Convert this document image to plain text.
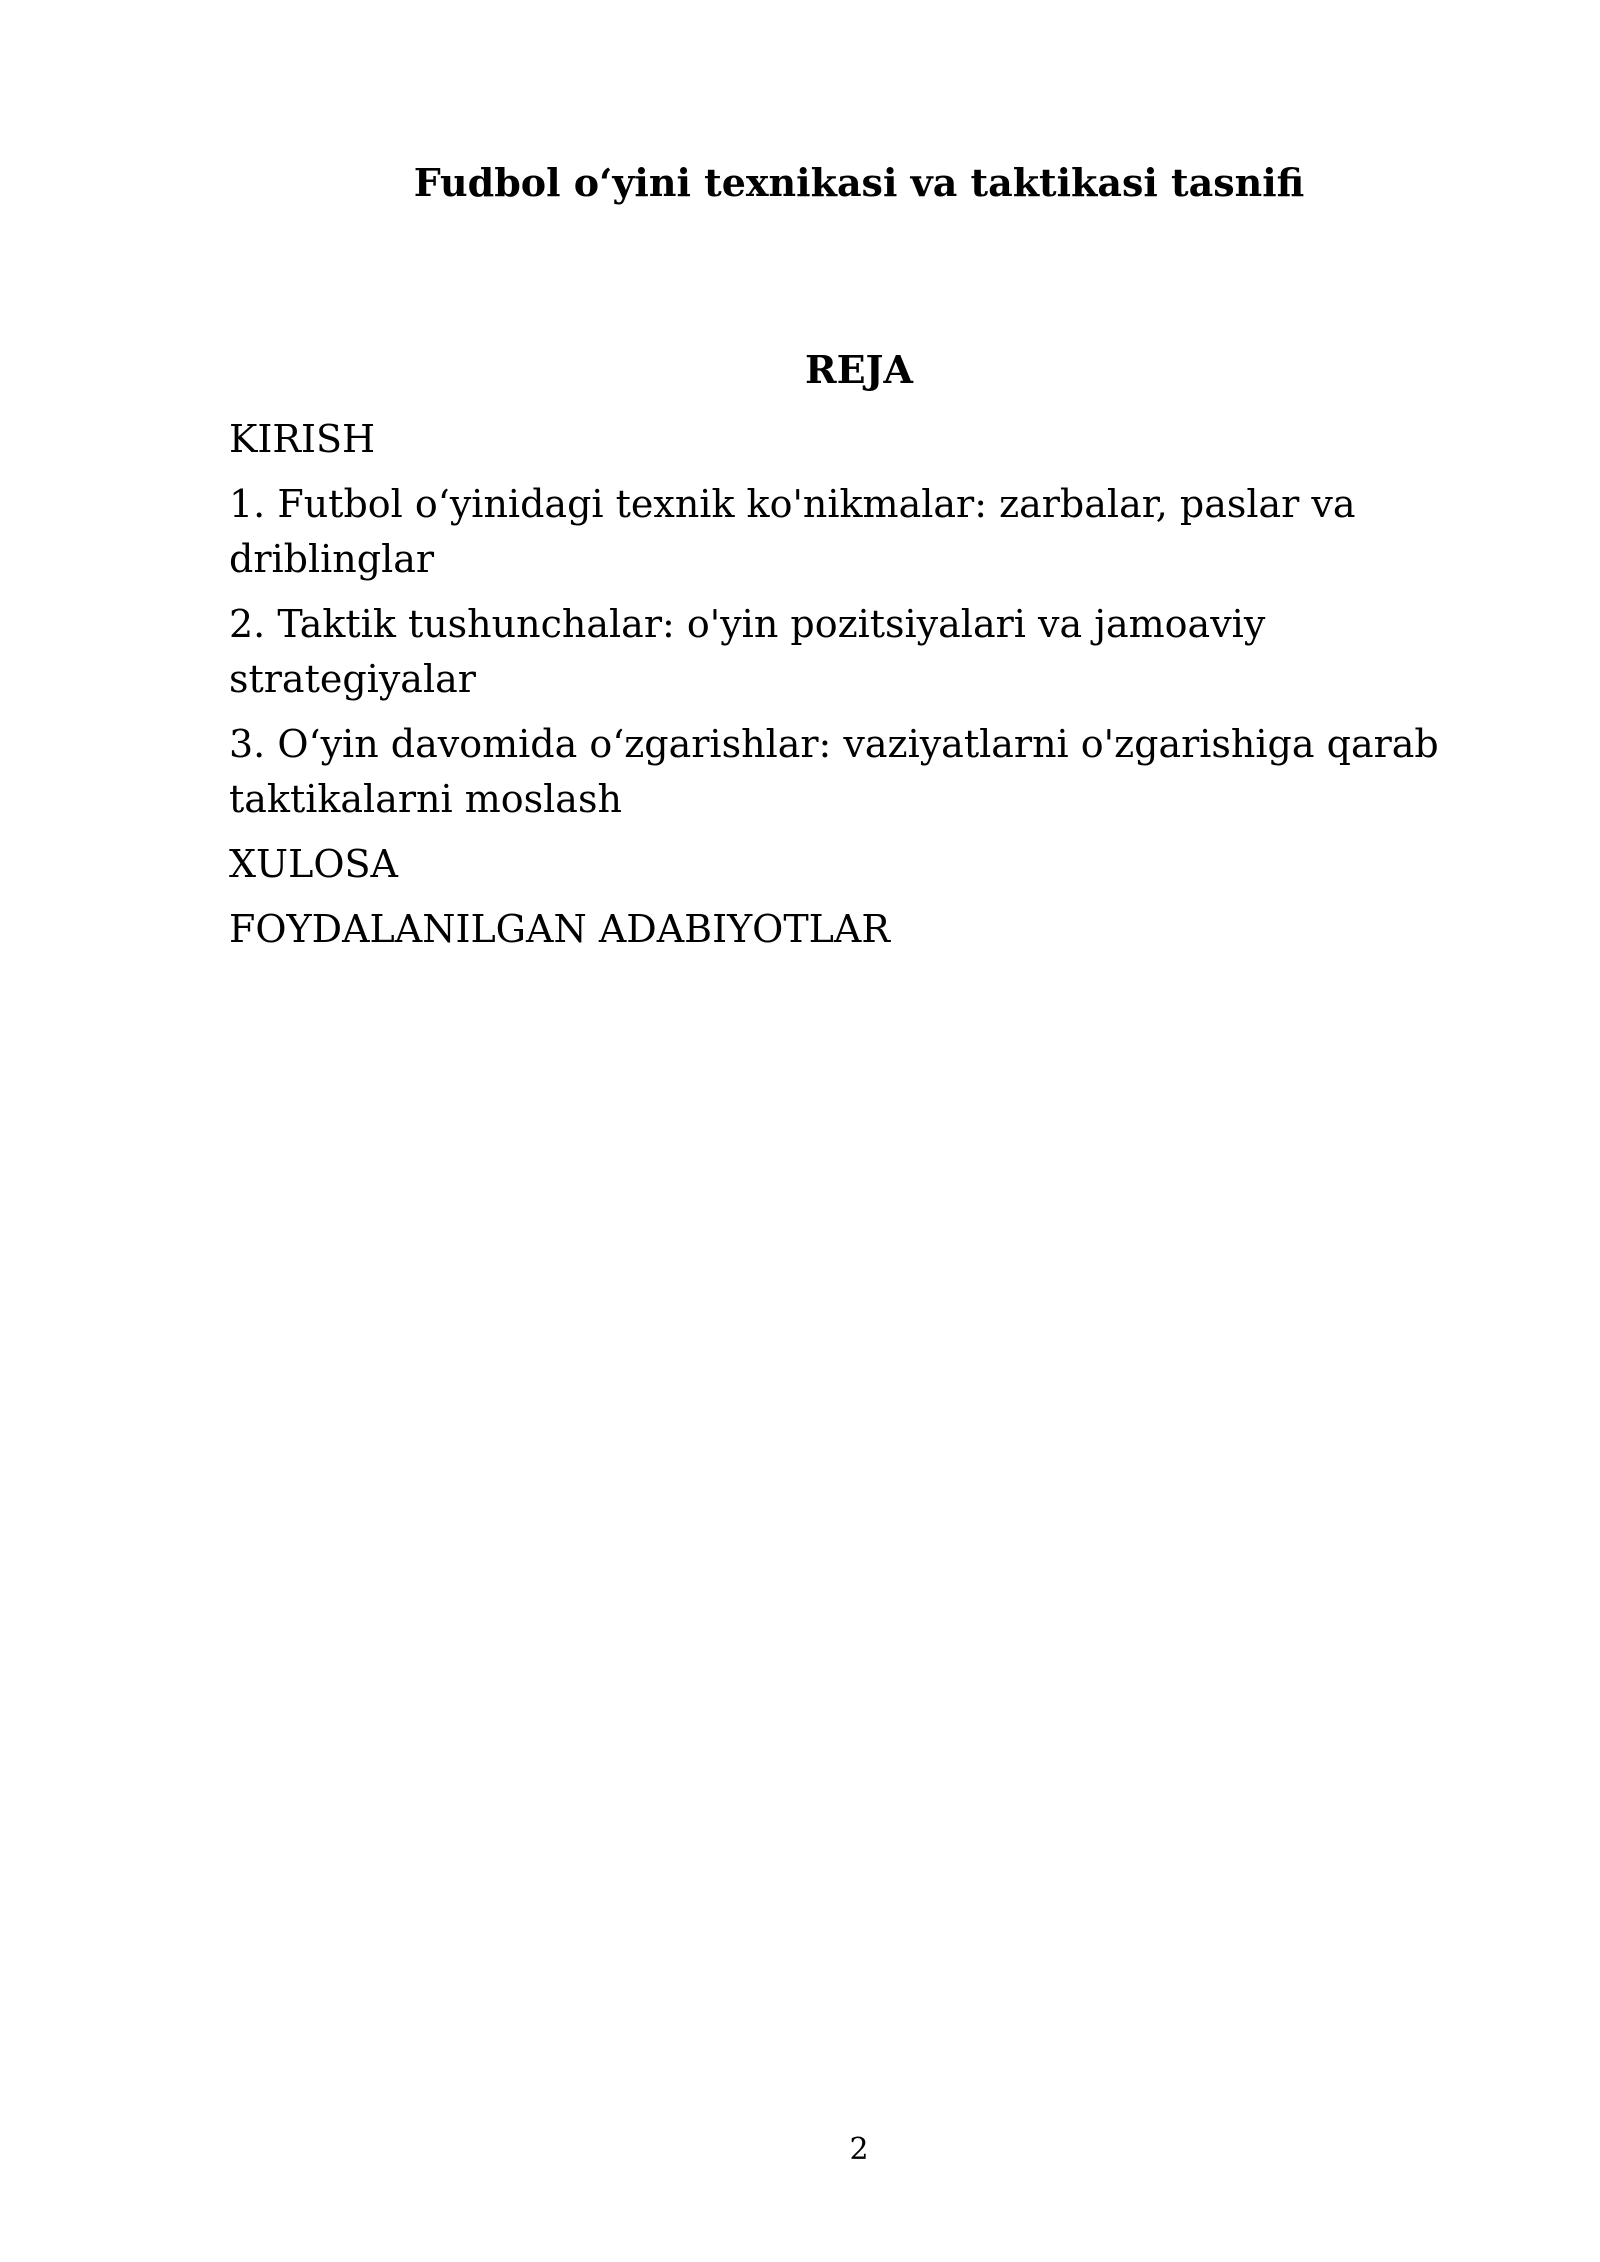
Fudbol o‘yini texnikasi va taktikasi tasnifi
REJA
KIRISH
1. Futbol o‘yinidagi texnik ko'nikmalar: zarbalar, paslar va driblinglar
2. Taktik tushunchalar: o'yin pozitsiyalari va jamoaviy strategiyalar
3. O‘yin davomida o‘zgarishlar: vaziyatlarni o'zgarishiga qarab taktikalarni moslash
XULOSA
FOYDALANILGAN ADABIYOTLAR
2
